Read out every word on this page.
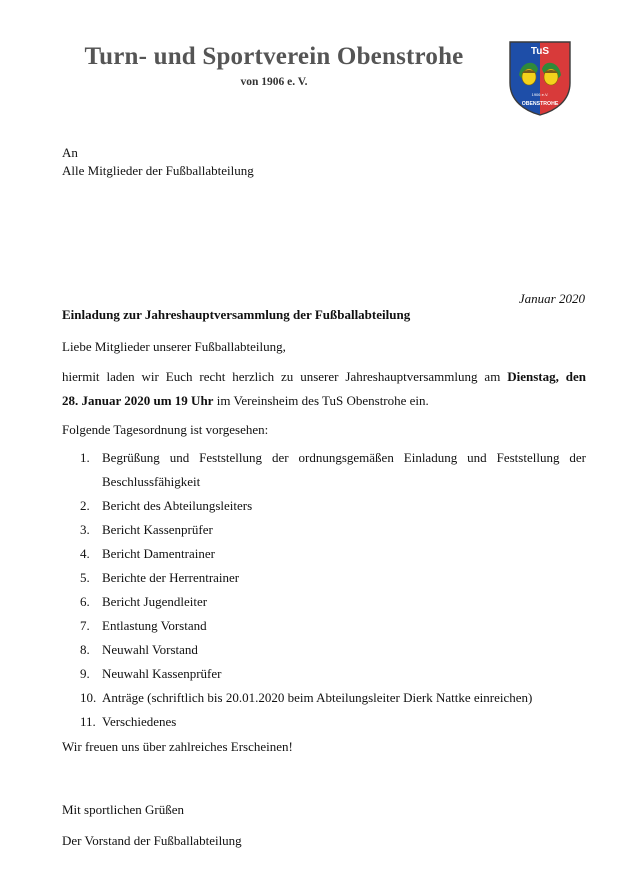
Turn- und Sportverein Obenstrohe
von 1906 e. V.
TuS
1906 e.V.
OBENSTROHE
An
Alle Mitglieder der Fußballabteilung
Januar 2020
Einladung zur Jahreshauptversammlung der Fußballabteilung
Liebe Mitglieder unserer Fußballabteilung,
hiermit laden wir Euch recht herzlich zu unserer Jahreshauptversammlung am Dienstag, den
28. Januar 2020 um 19 Uhr im Vereinsheim des TuS Obenstrohe ein.
Folgende Tagesordnung ist vorgesehen:
1. Begrüßung und Feststellung der ordnungsgemäßen Einladung und Feststellung der Beschlussfähigkeit
2. Bericht des Abteilungsleiters
3. Bericht Kassenprüfer
4. Bericht Damentrainer
5. Berichte der Herrentrainer
6. Bericht Jugendleiter
7. Entlastung Vorstand
8. Neuwahl Vorstand
9. Neuwahl Kassenprüfer
10. Anträge (schriftlich bis 20.01.2020 beim Abteilungsleiter Dierk Nattke einreichen)
11. Verschiedenes
Wir freuen uns über zahlreiches Erscheinen!
Mit sportlichen Grüßen
Der Vorstand der Fußballabteilung
